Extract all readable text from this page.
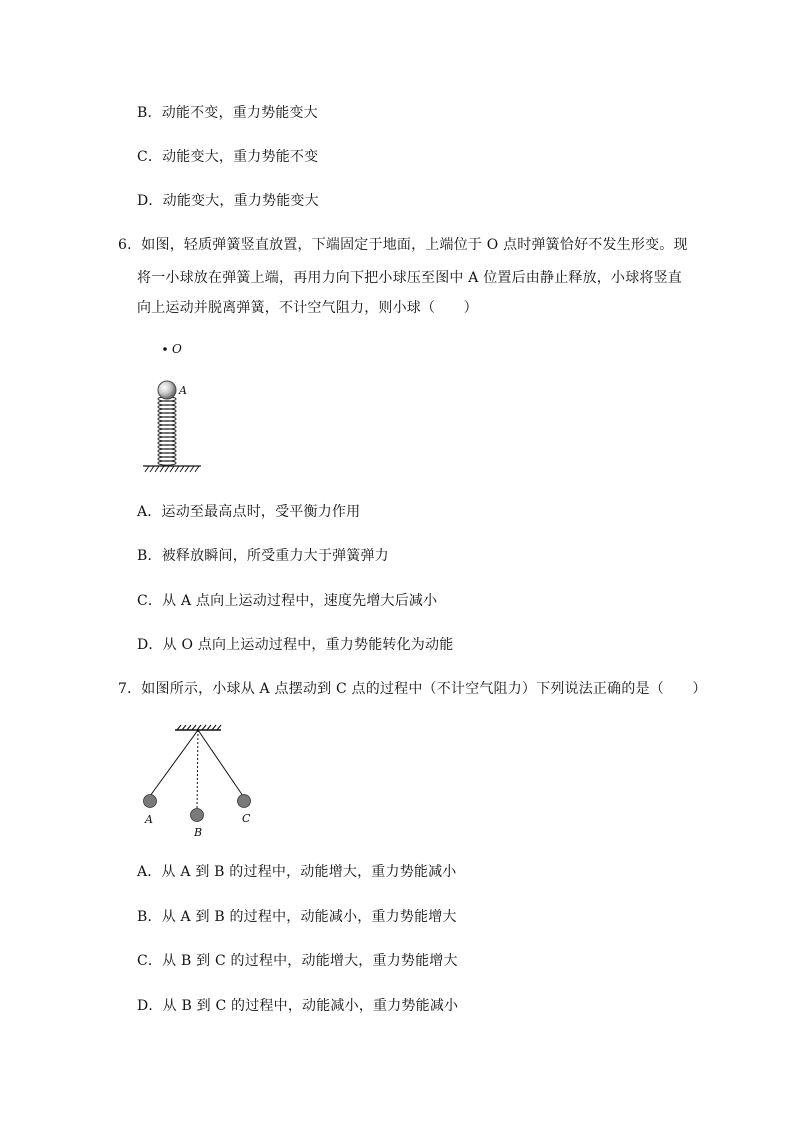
B．动能不变，重力势能变大
C．动能变大，重力势能不变
D．动能变大，重力势能变大
6．如图，轻质弹簧竖直放置，下端固定于地面，上端位于 O 点时弹簧恰好不发生形变。现
将一小球放在弹簧上端，再用力向下把小球压至图中 A 位置后由静止释放，小球将竖直
向上运动并脱离弹簧，不计空气阻力，则小球（　　）
O
A
A．运动至最高点时，受平衡力作用
B．被释放瞬间，所受重力大于弹簧弹力
C．从 A 点向上运动过程中，速度先增大后减小
D．从 O 点向上运动过程中，重力势能转化为动能
7．如图所示，小球从 A 点摆动到 C 点的过程中（不计空气阻力）下列说法正确的是（　　）
A
B
C
A．从 A 到 B 的过程中，动能增大，重力势能减小
B．从 A 到 B 的过程中，动能减小，重力势能增大
C．从 B 到 C 的过程中，动能增大，重力势能增大
D．从 B 到 C 的过程中，动能减小，重力势能减小
